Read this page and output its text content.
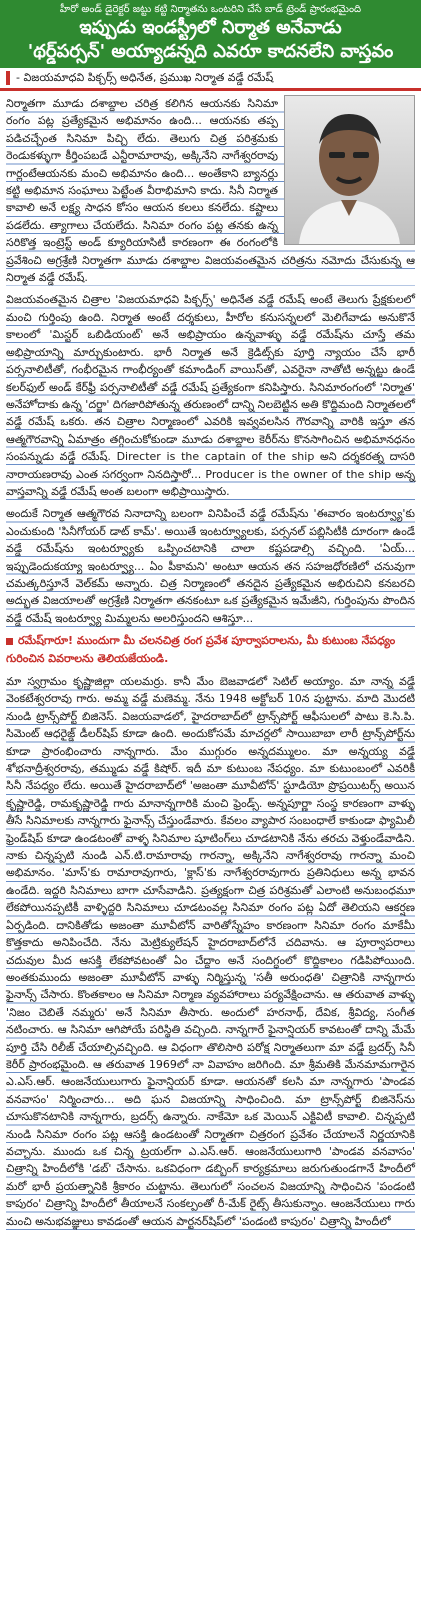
హీరో అండ్ డైరెక్టర్ జట్టు కట్టి నిర్మాతను ఒంటరిని చేసే బాడ్ ట్రెండ్ ప్రారంభమైంది
ఇప్పుడు ఇండస్ట్రీలో నిర్మాత అనేవాడు
'థర్డ్‌పర్సన్' అయ్యాడన్నది ఎవరూ కాదనలేని వాస్తవం
- విజయమాధవి పిక్చర్స్ అధినేత, ప్రముఖ నిర్మాత వడ్డే రమేష్

నిర్మాతగా మూడు దశాబ్దాల చరిత్ర కలిగిన ఆయనకు సినిమా రంగం పట్ల ప్రత్యేకమైన అభిమానం ఉంది... ఆయనకు తప్ప పడిచచ్చేంత సినిమా పిచ్చి లేదు. తెలుగు చిత్ర పరిశ్రమకు రెండుకళ్ళుగా కీర్తింపబడే ఎన్టీరామారావు, అక్కినేని నాగేశ్వరరావు గార్లంటేఆయనకు మంచి అభిమానం ఉంది... అంతేకాని బ్యానర్లు కట్టి అభిమాన సంఘాలు పెట్టేంత వీరాభిమాని కాదు. సినీ నిర్మాత కావాలి అనే లక్ష్య సాధన కోసం ఆయన కలలు కనలేదు. కష్టాలు పడలేదు. త్యాగాలు చేయలేదు. సినిమా రంగం పట్ల తనకు ఉన్న సరికొత్త ఇంట్రెస్ట్ అండ్ క్యూరియాసిటీ కారణంగా ఈ రంగంలోకి ప్రవేశించి అగ్రశ్రేణి నిర్మాతగా మూడు దశాబ్దాల విజయవంతమైన చరిత్రను నమోదు చేసుకున్న ఆ నిర్మాత వడ్డే రమేష్.

విజయవంతమైన చిత్రాల 'విజయమాధవి పిక్చర్స్' అధినేత వడ్డే రమేష్ అంటే తెలుగు ప్రేక్షకులలో మంచి గుర్తింపు ఉంది. నిర్మాత అంటే దర్శకులు, హీరోల కనుసన్నలలో మెలిగేవాడు అనుకొనే కాలంలో 'మిస్టర్ ఒబిడియంట్' అనే అభిప్రాయం ఉన్నవాళ్ళు వడ్డే రమేష్‌ను చూస్తే తమ అభిప్రాయాన్ని మార్చుకుంటారు. భారీ నిర్మాత అనే క్రెడిట్స్‌కు పూర్తి న్యాయం చేసే భారీ పర్సనాలిటీతో, గంభీరమైన గాంభీర్యంతో కమాండింగ్ వాయిస్‌తో, ఎవరైనా నాతోటి అన్నట్టు ఉండే కలర్‌ఫుల్ అండ్ కేర్‌ఫ్రీ పర్సనాలిటీతో వడ్డే రమేష్ ప్రత్యేకంగా కనిపిస్తారు. సినిమారంగంలో 'నిర్మాత' అనేహోదాకు ఉన్న 'దర్జా' దిగజారిపోతున్న తరుణంలో దాన్ని నిలబెట్టిన అతి కొద్దిమంది నిర్మాతలలో వడ్డే రమేష్ ఒకరు. తన చిత్రాల నిర్మాణంలో ఎవరికి ఇవ్వవలసిన గౌరవాన్ని వారికి ఇస్తూ తన ఆత్మగౌరవాన్ని ఏమాత్రం తగ్గించుకోకుండా మూడు దశాబ్దాల కెరీర్‌ను కొనసాగించిన అభిమానధనం సంపన్నుడు వడ్డే రమేష్. Directer is the captain of the ship అని దర్శకరత్న దాసరి నారాయణరావు ఎంత సగర్వంగా నినదిస్తారో... Producer is the owner of the ship అన్న వాస్తవాన్ని వడ్డే రమేష్ అంత బలంగా అభిప్రాయిస్తారు.

అందుకే నిర్మాత ఆత్మగౌరవ నినాదాన్ని బలంగా వినిపించే వడ్డే రమేష్‌ను 'ఈవారం ఇంటర్వ్యూ'కు ఎంచుకుంది 'సినీగోయర్ డాట్ కామ్'. అయితే ఇంటర్వ్యూలకు, పర్సనల్ పబ్లిసిటీకి దూరంగా ఉండే వడ్డే రమేష్‌ను ఇంటర్వ్యూకు ఒప్పించటానికి చాలా కష్టపడాల్సి వచ్చింది. 'ఏయ్... ఇప్పుడెందుకయ్యా ఇంటర్వ్యూ... ఏం పీకామని' అంటూ ఆయన తన సహజధోరణిలో చనువుగా చమత్కరిస్తూనే వెల్‌కమ్ అన్నారు. చిత్ర నిర్మాణంలో తనదైన ప్రత్యేకమైన అభిరుచిని కనబరచి అద్భుత విజయాలతో అగ్రశ్రేణి నిర్మాతగా తనకంటూ ఒక ప్రత్యేకమైన ఇమేజీని, గుర్తింపును పొందిన వడ్డే రమేష్ ఇంటర్వ్యూ మిమ్మలను అలరిస్తుందని ఆశిస్తూ...

రమేష్‌గారూ! ముందుగా మీ చలనచిత్ర రంగ ప్రవేశ పూర్వాపరాలను, మీ కుటుంబ నేపధ్యం గురించిన వివరాలను తెలియజేయండి.

మా స్వగ్రామం కృష్ణాజిల్లా యలమర్రు. కానీ మేం బెజవాడలో సెటిల్ అయ్యాం. మా నాన్న వడ్డే వెంకటేశ్వరరావు గారు. అమ్మ వడ్డే మణెమ్మ. నేను 1948 అక్టోబర్ 10న పుట్టాను. మాది మొదటి నుండి ట్రాన్స్‌పోర్ట్ బిజినెస్. విజయవాడలో, హైదరాబాద్‌లో ట్రాన్స్‌పోర్ట్ ఆఫీసులలో పాటు కె.సి.పి. సిమెంట్ ఆధరైజ్డ్ డీలర్‌షిప్ కూడా ఉంది. అందుకోసమే మాచర్లలో సాయిబాబా లారీ ట్రాన్స్‌పోర్ట్‌ను కూడా ప్రారంభించారు నాన్నగారు. మేం ముగ్గురం అన్నదమ్ములం. మా అన్నయ్య వడ్డే శోభనాద్రీశ్వరరావు, తమ్ముడు వడ్డే కిషోర్. ఇదీ మా కుటుంబ నేపధ్యం. మా కుటుంబంలో ఎవరికీ సినీ నేపధ్యం లేదు. అయితే హైదరాబాద్‌లో 'అజంతా మూవీటోన్' స్టూడియో ప్రొప్రయిటర్స్ అయిన కృష్ణారెడ్డి, రామకృష్ణారెడ్డి గారు మానాన్నగారికి మంచి ఫ్రెండ్స్. అన్నపూర్ణా సంస్థ కారణంగా వాళ్ళు తీసే సినిమాలకు నాన్నగారు ఫైనాన్స్ చేస్తుండేవారు. కేవలం వ్యాపార సంబంధాలే కాకుండా ఫ్యామిలీ ఫ్రెండ్‌షిప్ కూడా ఉండటంతో వాళ్ళ సినిమాల షూటింగ్‌లు చూడటానికి నేను తరచు వెళ్తుండేవాడిని. నాకు చిన్నప్పటి నుండి ఎన్.టి.రామారావు గారన్నా, అక్కినేని నాగేశ్వరరావు గారన్నా మంచి అభిమానం. 'మాస్'కు రామారావుగారు, 'క్లాస్'కు నాగేశ్వరరావుగారు ప్రతినిధులు అన్న భావన ఉండేది. ఇద్దరి సినిమాలు బాగా చూసేవాడిని. ప్రత్యక్షంగా చిత్ర పరిశ్రమతో ఎలాంటి అనుబంధమూ లేకపోయినప్పటికీ వాళ్ళిద్దరి సినిమాలు చూడటంవల్ల సినిమా రంగం పట్ల ఏదో తెలియని ఆకర్షణ ఏర్పడింది. దానికితోడు అజంతా మూవీటోన్ వారితోస్నేహం కారణంగా సినిమా రంగం మాకేమీ కొత్తకాదు అనిపించేది. నేను మెట్రిక్యులేషన్ హైదరాబాద్‌లోనే చదివాను. ఆ పూర్వాపరాలు చదువుల మీద ఆసక్తి లేకపోవటంతో ఏం చేద్దాం అనే సందిగ్ధంలో కొద్దికాలం గడిపిపోయింది. అంతకుముందు అజంతా మూవీటోన్ వాళ్ళు నిర్మిస్తున్న 'సతీ అరుంధతి' చిత్రానికి నాన్నగారు ఫైనాన్స్ చేసారు. కొంతకాలం ఆ సినిమా నిర్మాణ వ్యవహారాలు పర్యవేక్షించాను. ఆ తరువాత వాళ్ళు 'నిజం చెబితే నమ్మరు' అనే సినిమా తీసారు. అందులో హరనాథ్, దేవిక, శ్రీవిద్య, సంగీత నటించారు. ఆ సినిమా ఆగిపోయే పరిస్థితి వచ్చింది. నాన్నగారే ఫైనాన్షియర్ కావటంతో దాన్ని మేమే పూర్తి చేసి రిలీజ్ చేయాల్సివచ్చింది. ఆ విధంగా తొలిసారి పరోక్ష నిర్మాతలుగా మా వడ్డే బ్రదర్స్ సినీ కెరీర్ ప్రారంభమైంది. ఆ తరువాత 1969లో నా వివాహం జరిగింది. మా శ్రీమతికి మేనమామగారైన ఎ.ఎస్.ఆర్. ఆంజనేయులుగారు ఫైనాన్షియర్ కూడా. ఆయనతో కలసి మా నాన్నగారు 'పాండవ వనవాసం' నిర్మించారు... అది ఘన విజయాన్ని సాధించింది. మా ట్రాన్స్‌పోర్ట్ బిజినెస్‌ను చూసుకొనటానికి నాన్నగారు, బ్రదర్స్ ఉన్నారు. నాకేమో ఒక మెయిన్ ఎక్టివిటీ కావాలి. చిన్నప్పటి నుండి సినిమా రంగం పట్ల ఆసక్తి ఉండటంతో నిర్మాతగా చిత్రరంగ ప్రవేశం చేయాలనే నిర్ణయానికి వచ్చాను. ముందు ఒక చిన్న ట్రయల్‌గా ఎ.ఎస్.ఆర్. ఆంజనేయులుగారి 'పాండవ వనవాసం' చిత్రాన్ని హిందీలోకి 'డబ్' చేసాను. ఒకవిధంగా డబ్బింగ్ కార్యక్రమాలు జరుగుతుండగానే హిందీలో మరో భారీ ప్రయత్నానికి శ్రీకారం చుట్టాను. తెలుగులో సంచలన విజయాన్ని సాధించిన 'పండంటి కాపురం' చిత్రాన్ని హిందీలో తీయాలనే సంకల్పంతో రీ-మేక్ రైట్స్ తీసుకున్నాం. ఆంజనేయులు గారు మంచి అనుభవజ్ఞులు కావడంతో ఆయన పార్టనర్‌షిప్‌లో 'పండంటి కాపురం' చిత్రాన్ని హిందీలో
